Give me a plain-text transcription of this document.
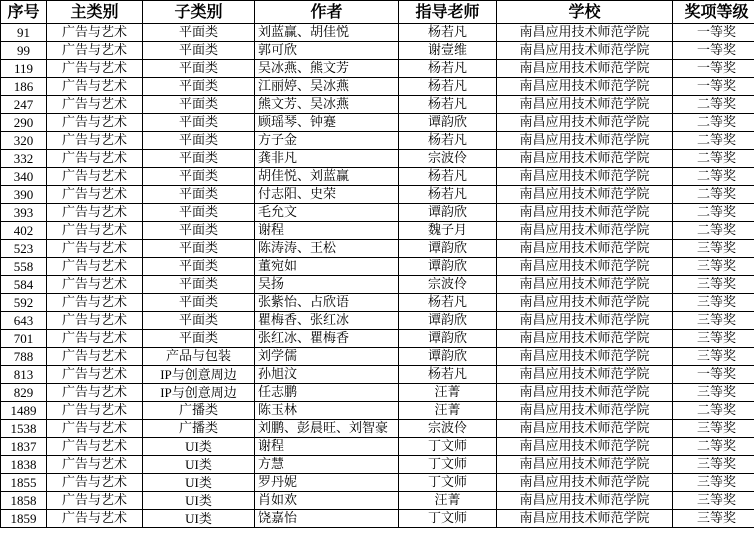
序号	主类别	子类别	作者	指导老师	学校	奖项等级
91	广告与艺术	平面类	刘蓝赢、胡佳悦	杨若凡	南昌应用技术师范学院	一等奖
99	广告与艺术	平面类	郭可欣	谢壹维	南昌应用技术师范学院	一等奖
119	广告与艺术	平面类	吴冰燕、熊文芳	杨若凡	南昌应用技术师范学院	一等奖
186	广告与艺术	平面类	江丽婷、吴冰燕	杨若凡	南昌应用技术师范学院	一等奖
247	广告与艺术	平面类	熊文芳、吴冰燕	杨若凡	南昌应用技术师范学院	二等奖
290	广告与艺术	平面类	顾瑶琴、钟蹇	谭韵欣	南昌应用技术师范学院	二等奖
320	广告与艺术	平面类	方子金	杨若凡	南昌应用技术师范学院	二等奖
332	广告与艺术	平面类	龚非凡	宗波伶	南昌应用技术师范学院	二等奖
340	广告与艺术	平面类	胡佳悦、刘蓝赢	杨若凡	南昌应用技术师范学院	二等奖
390	广告与艺术	平面类	付志阳、史荣	杨若凡	南昌应用技术师范学院	二等奖
393	广告与艺术	平面类	毛允文	谭韵欣	南昌应用技术师范学院	二等奖
402	广告与艺术	平面类	谢程	魏子月	南昌应用技术师范学院	二等奖
523	广告与艺术	平面类	陈涛涛、王松	谭韵欣	南昌应用技术师范学院	三等奖
558	广告与艺术	平面类	董宛如	谭韵欣	南昌应用技术师范学院	三等奖
584	广告与艺术	平面类	吴扬	宗波伶	南昌应用技术师范学院	三等奖
592	广告与艺术	平面类	张紫怡、占欣语	杨若凡	南昌应用技术师范学院	三等奖
643	广告与艺术	平面类	瞿梅香、张红冰	谭韵欣	南昌应用技术师范学院	三等奖
701	广告与艺术	平面类	张红冰、瞿梅香	谭韵欣	南昌应用技术师范学院	三等奖
788	广告与艺术	产品与包装	刘学儒	谭韵欣	南昌应用技术师范学院	三等奖
813	广告与艺术	IP与创意周边	孙旭汶	杨若凡	南昌应用技术师范学院	一等奖
829	广告与艺术	IP与创意周边	任志鹏	汪菁	南昌应用技术师范学院	三等奖
1489	广告与艺术	广播类	陈玉林	汪菁	南昌应用技术师范学院	二等奖
1538	广告与艺术	广播类	刘鹏、彭晨旺、刘智豪	宗波伶	南昌应用技术师范学院	三等奖
1837	广告与艺术	UI类	谢程	丁文师	南昌应用技术师范学院	二等奖
1838	广告与艺术	UI类	方慧	丁文师	南昌应用技术师范学院	三等奖
1855	广告与艺术	UI类	罗丹妮	丁文师	南昌应用技术师范学院	三等奖
1858	广告与艺术	UI类	肖如欢	汪菁	南昌应用技术师范学院	三等奖
1859	广告与艺术	UI类	饶嘉怡	丁文师	南昌应用技术师范学院	三等奖
